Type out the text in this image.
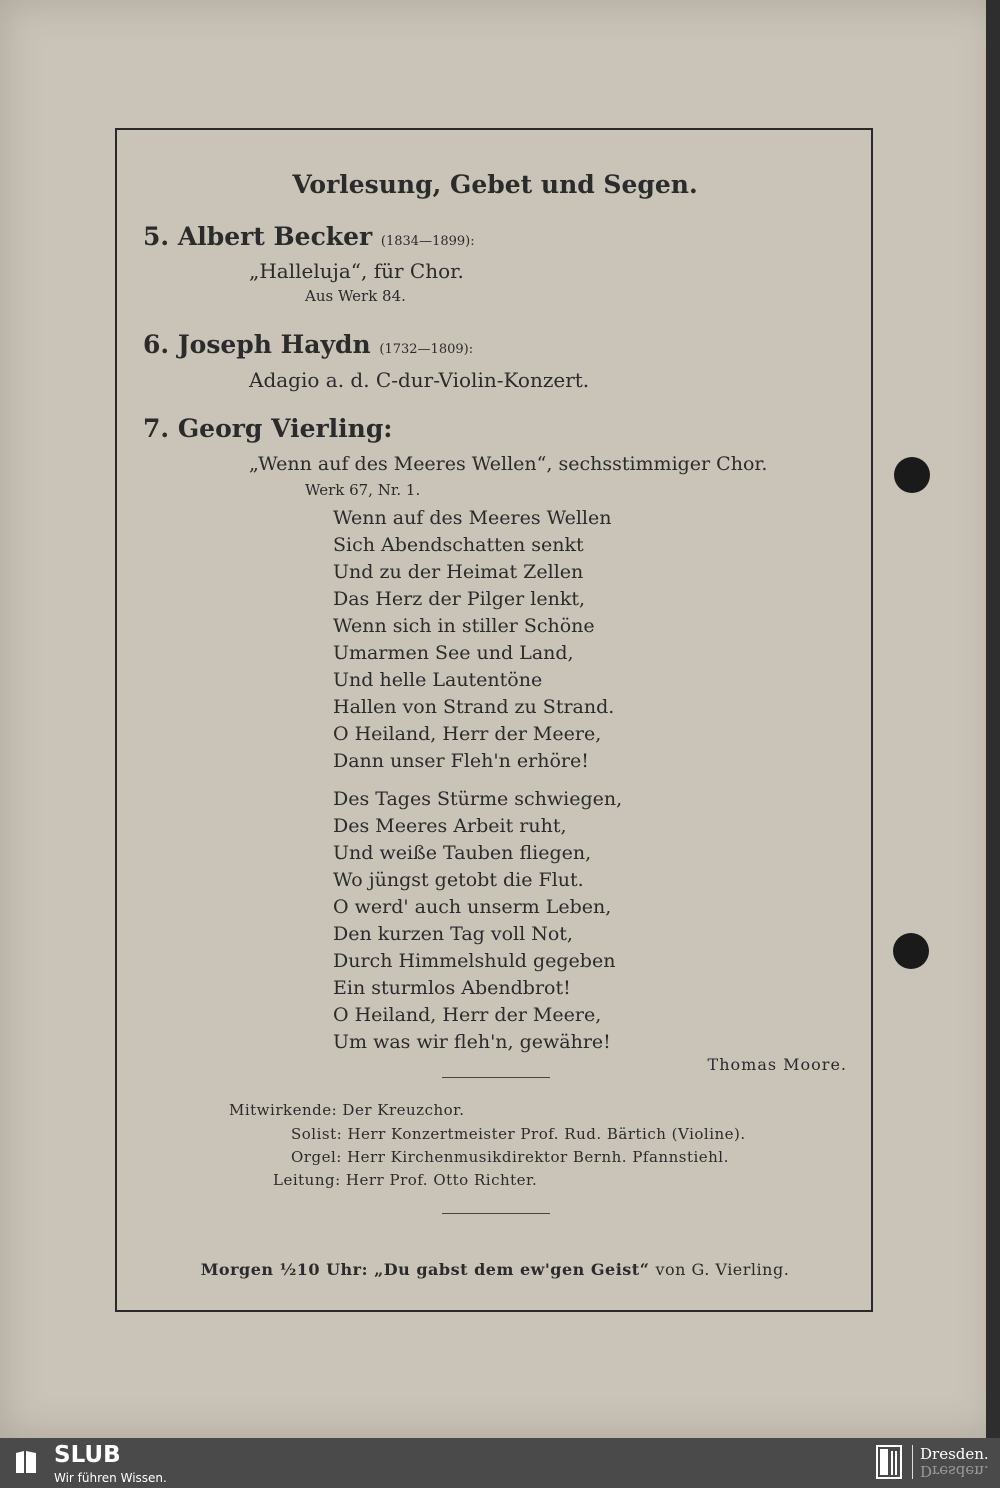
Vorlesung, Gebet und Segen.
5. Albert Becker (1834—1899):
„Halleluja“, für Chor.
Aus Werk 84.
6. Joseph Haydn (1732—1809):
Adagio a. d. C-dur-Violin-Konzert.
7. Georg Vierling:
„Wenn auf des Meeres Wellen“, sechsstimmiger Chor.
Werk 67, Nr. 1.
Wenn auf des Meeres Wellen
Sich Abendschatten senkt
Und zu der Heimat Zellen
Das Herz der Pilger lenkt,
Wenn sich in stiller Schöne
Umarmen See und Land,
Und helle Lautentöne
Hallen von Strand zu Strand.
O Heiland, Herr der Meere,
Dann unser Fleh'n erhöre!
Des Tages Stürme schwiegen,
Des Meeres Arbeit ruht,
Und weiße Tauben fliegen,
Wo jüngst getobt die Flut.
O werd' auch unserm Leben,
Den kurzen Tag voll Not,
Durch Himmelshuld gegeben
Ein sturmlos Abendbrot!
O Heiland, Herr der Meere,
Um was wir fleh'n, gewähre!
Thomas Moore.
Mitwirkende: Der Kreuzchor.
Solist: Herr Konzertmeister Prof. Rud. Bärtich (Violine).
Orgel: Herr Kirchenmusikdirektor Bernh. Pfannstiehl.
Leitung: Herr Prof. Otto Richter.
Morgen ½10 Uhr: „Du gabst dem ew'gen Geist“ von G. Vierling.
SLUB
Wir führen Wissen.
Dresden.
Dresden.
